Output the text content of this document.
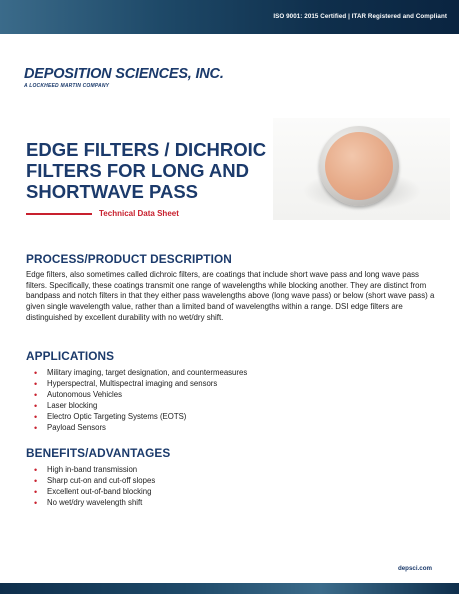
ISO 9001: 2015 Certified | ITAR Registered and Compliant
DEPOSITION SCIENCES, INC.
A LOCKHEED MARTIN COMPANY
EDGE FILTERS / DICHROIC
FILTERS FOR LONG AND
SHORTWAVE PASS
Technical Data Sheet
PROCESS/PRODUCT DESCRIPTION
Edge filters, also sometimes called dichroic filters, are coatings that include short wave pass and long wave pass filters. Specifically, these coatings transmit one range of wavelengths while blocking another. They are distinct from bandpass and notch filters in that they either pass wavelengths above (long wave pass) or below (short wave pass) a given single wavelength value, rather than a limited band of wavelengths within a range. DSI edge filters are distinguished by excellent durability with no wet/dry shift.
APPLICATIONS
• Military imaging, target designation, and countermeasures
• Hyperspectral, Multispectral imaging and sensors
• Autonomous Vehicles
• Laser blocking
• Electro Optic Targeting Systems (EOTS)
• Payload Sensors
BENEFITS/ADVANTAGES
• High in-band transmission
• Sharp cut-on and cut-off slopes
• Excellent out-of-band blocking
• No wet/dry wavelength shift
depsci.com
